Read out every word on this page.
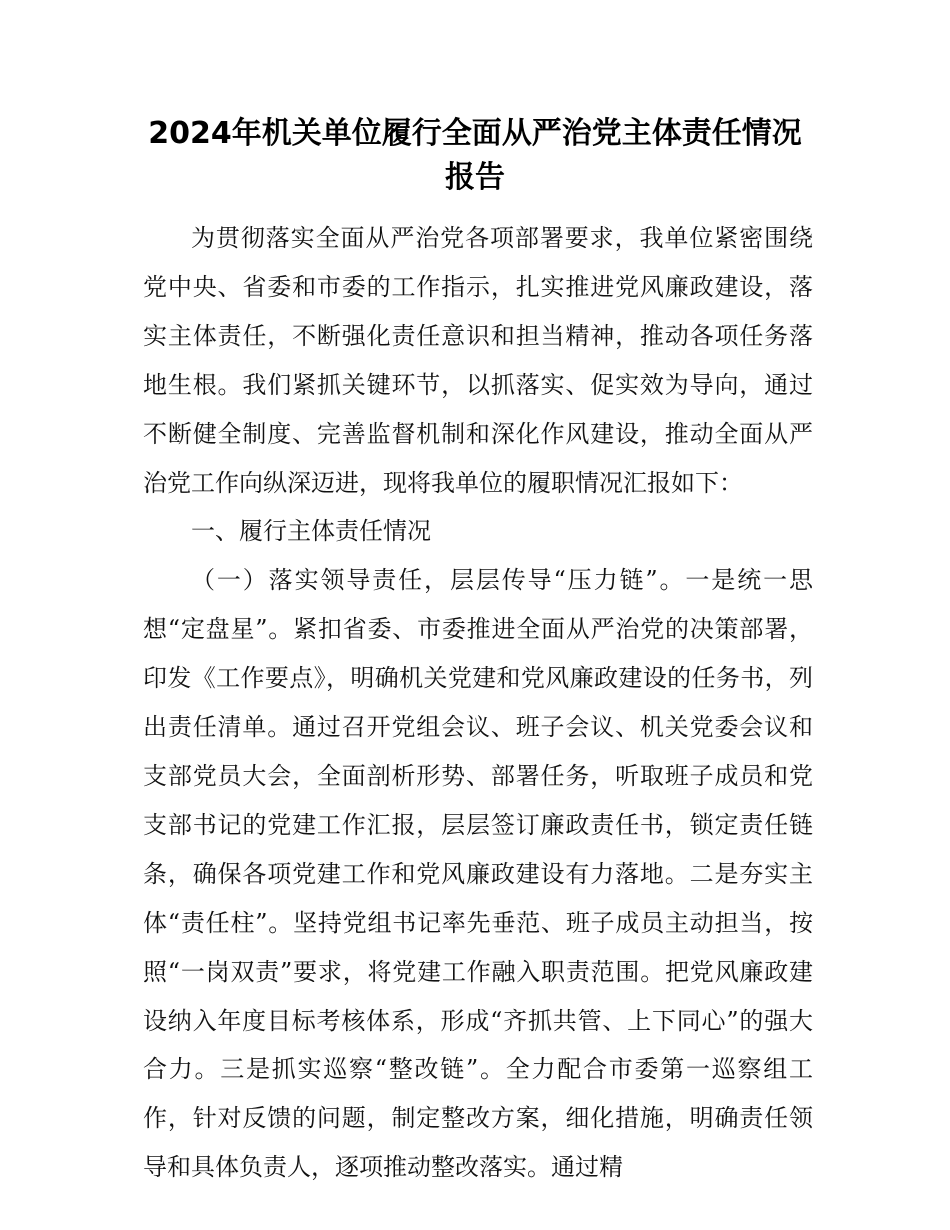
2024年机关单位履行全面从严治党主体责任情况报告

为贯彻落实全面从严治党各项部署要求，我单位紧密围绕党中央、省委和市委的工作指示，扎实推进党风廉政建设，落实主体责任，不断强化责任意识和担当精神，推动各项任务落地生根。我们紧抓关键环节，以抓落实、促实效为导向，通过不断健全制度、完善监督机制和深化作风建设，推动全面从严治党工作向纵深迈进，现将我单位的履职情况汇报如下：

一、履行主体责任情况

（一）落实领导责任，层层传导“压力链”。一是统一思想“定盘星”。紧扣省委、市委推进全面从严治党的决策部署，印发《工作要点》，明确机关党建和党风廉政建设的任务书，列出责任清单。通过召开党组会议、班子会议、机关党委会议和支部党员大会，全面剖析形势、部署任务，听取班子成员和党支部书记的党建工作汇报，层层签订廉政责任书，锁定责任链条，确保各项党建工作和党风廉政建设有力落地。二是夯实主体“责任柱”。坚持党组书记率先垂范、班子成员主动担当，按照“一岗双责”要求，将党建工作融入职责范围。把党风廉政建设纳入年度目标考核体系，形成“齐抓共管、上下同心”的强大合力。三是抓实巡察“整改链”。全力配合市委第一巡察组工作，针对反馈的问题，制定整改方案，细化措施，明确责任领导和具体负责人，逐项推动整改落实。通过精
